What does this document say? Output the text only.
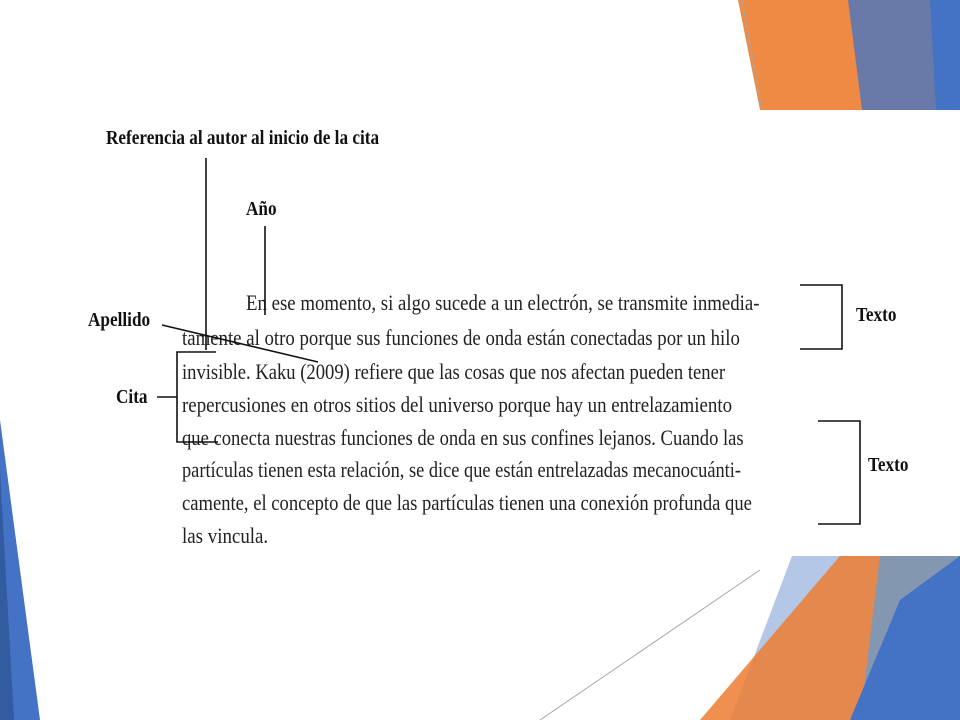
Referencia al autor al inicio de la cita
Año
Apellido
Cita
Texto
Texto
En ese momento, si algo sucede a un electrón, se transmite inmedia-
tamente al otro porque sus funciones de onda están conectadas por un hilo
invisible. Kaku (2009) refiere que las cosas que nos afectan pueden tener
repercusiones en otros sitios del universo porque hay un entrelazamiento
que conecta nuestras funciones de onda en sus confines lejanos. Cuando las
partículas tienen esta relación, se dice que están entrelazadas mecanocuánti-
camente, el concepto de que las partículas tienen una conexión profunda que
las vincula.
